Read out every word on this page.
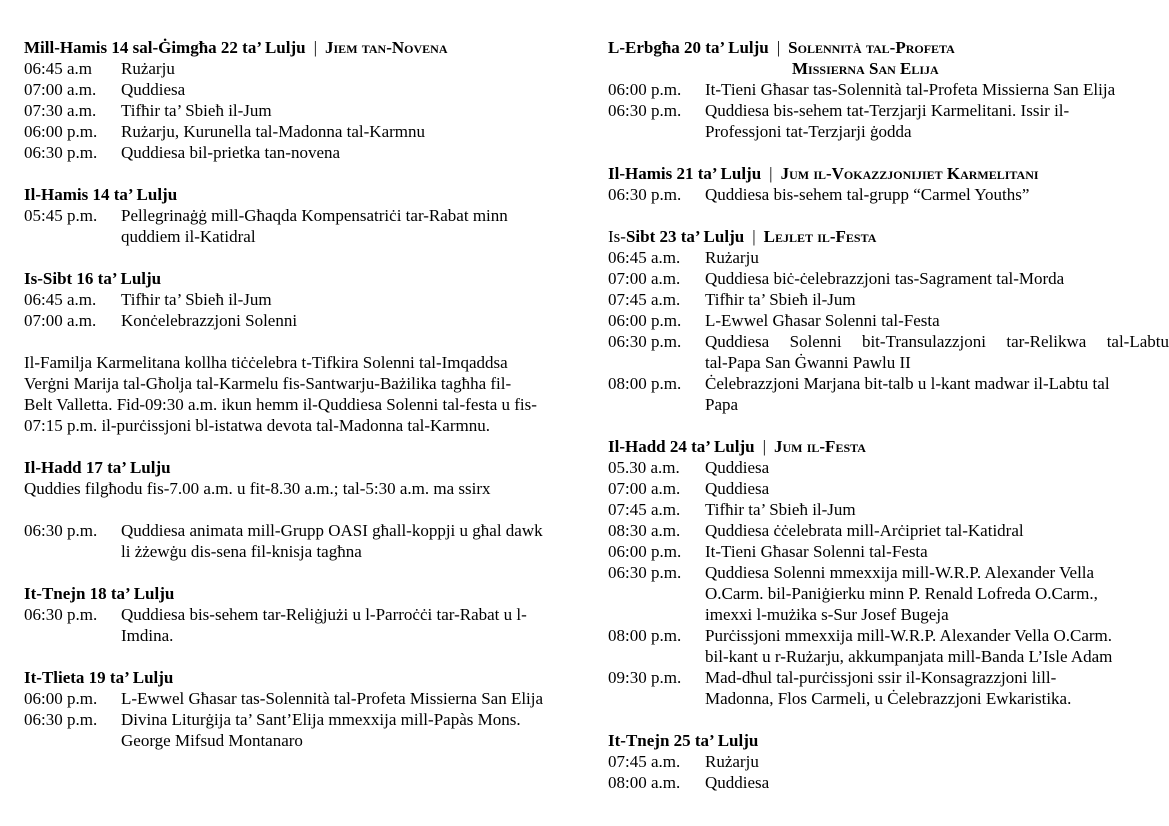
Mill-Hamis 14 sal-Ġimgħa 22 ta’ Lulju | Jiem tan-Novena
06:45 a.m	Rużarju
07:00 a.m.	Quddiesa
07:30 a.m.	Tifħir ta’ Sbieħ il-Jum
06:00 p.m.	Rużarju, Kurunella tal-Madonna tal-Karmnu
06:30 p.m.	Quddiesa bil-prietka tan-novena
Il-Hamis 14 ta’ Lulju
05:45 p.m.	Pellegrinaġġ mill-Għaqda Kompensatriċi tar-Rabat minn
quddiem il-Katidral
Is-Sibt 16 ta’ Lulju
06:45 a.m.	Tifħir ta’ Sbieħ il-Jum
07:00 a.m.	Konċelebrazzjoni Solenni
Il-Familja Karmelitana kollha tiċċelebra t-Tifkira Solenni tal-Imqaddsa
Verġni Marija tal-Għolja tal-Karmelu fis-Santwarju-Bażilika tagħha fil-
Belt Valletta. Fid-09:30 a.m. ikun hemm il-Quddiesa Solenni tal-festa u fis-
07:15 p.m. il-purċissjoni bl-istatwa devota tal-Madonna tal-Karmnu.
Il-Hadd 17 ta’ Lulju
Quddies filgħodu fis-7.00 a.m. u fit-8.30 a.m.; tal-5:30 a.m. ma ssirx
06:30 p.m.	Quddiesa animata mill-Grupp OASI għall-koppji u għal dawk
li żżewġu dis-sena fil-knisja tagħna
It-Tnejn 18 ta’ Lulju
06:30 p.m.	Quddiesa bis-sehem tar-Reliġjużi u l-Parroċċi tar-Rabat u l-
Imdina.
It-Tlieta 19 ta’ Lulju
06:00 p.m.	L-Ewwel Għasar tas-Solennità tal-Profeta Missierna San Elija
06:30 p.m.	Divina Liturġija ta’ Sant’Elija mmexxija mill-Papàs Mons.
George Mifsud Montanaro
L-Erbgħa 20 ta’ Lulju | Solennità tal-Profeta
Missierna San Elija
06:00 p.m.	It-Tieni Għasar tas-Solennità tal-Profeta Missierna San Elija
06:30 p.m.	Quddiesa bis-sehem tat-Terzjarji Karmelitani. Issir il-
Professjoni tat-Terzjarji ġodda
Il-Hamis 21 ta’ Lulju | Jum il-Vokazzjonijiet Karmelitani
06:30 p.m.	Quddiesa bis-sehem tal-grupp “Carmel Youths”
Is-Sibt 23 ta’ Lulju | Lejlet il-Festa
06:45 a.m.	Rużarju
07:00 a.m.	Quddiesa biċ-ċelebrazzjoni tas-Sagrament tal-Morda
07:45 a.m.	Tifħir ta’ Sbieħ il-Jum
06:00 p.m.	L-Ewwel Għasar Solenni tal-Festa
06:30 p.m.	Quddiesa Solenni bit-Transulazzjoni tar-Relikwa tal-Labtu
tal-Papa San Ġwanni Pawlu II
08:00 p.m.	Ċelebrazzjoni Marjana bit-talb u l-kant madwar il-Labtu tal
Papa
Il-Hadd 24 ta’ Lulju | Jum il-Festa
05.30 a.m.	Quddiesa
07:00 a.m.	Quddiesa
07:45 a.m.	Tifħir ta’ Sbieħ il-Jum
08:30 a.m.	Quddiesa ċċelebrata mill-Arċipriet tal-Katidral
06:00 p.m.	It-Tieni Għasar Solenni tal-Festa
06:30 p.m.	Quddiesa Solenni mmexxija mill-W.R.P. Alexander Vella
O.Carm. bil-Paniġierku minn P. Renald Lofreda O.Carm.,
imexxi l-mużika s-Sur Josef Bugeja
08:00 p.m.	Purċissjoni mmexxija mill-W.R.P. Alexander Vella O.Carm.
bil-kant u r-Rużarju, akkumpanjata mill-Banda L’Isle Adam
09:30 p.m.	Mad-dħul tal-purċissjoni ssir il-Konsagrazzjoni lill-
Madonna, Flos Carmeli, u Ċelebrazzjoni Ewkaristika.
It-Tnejn 25 ta’ Lulju
07:45 a.m.	Rużarju
08:00 a.m.	Quddiesa
